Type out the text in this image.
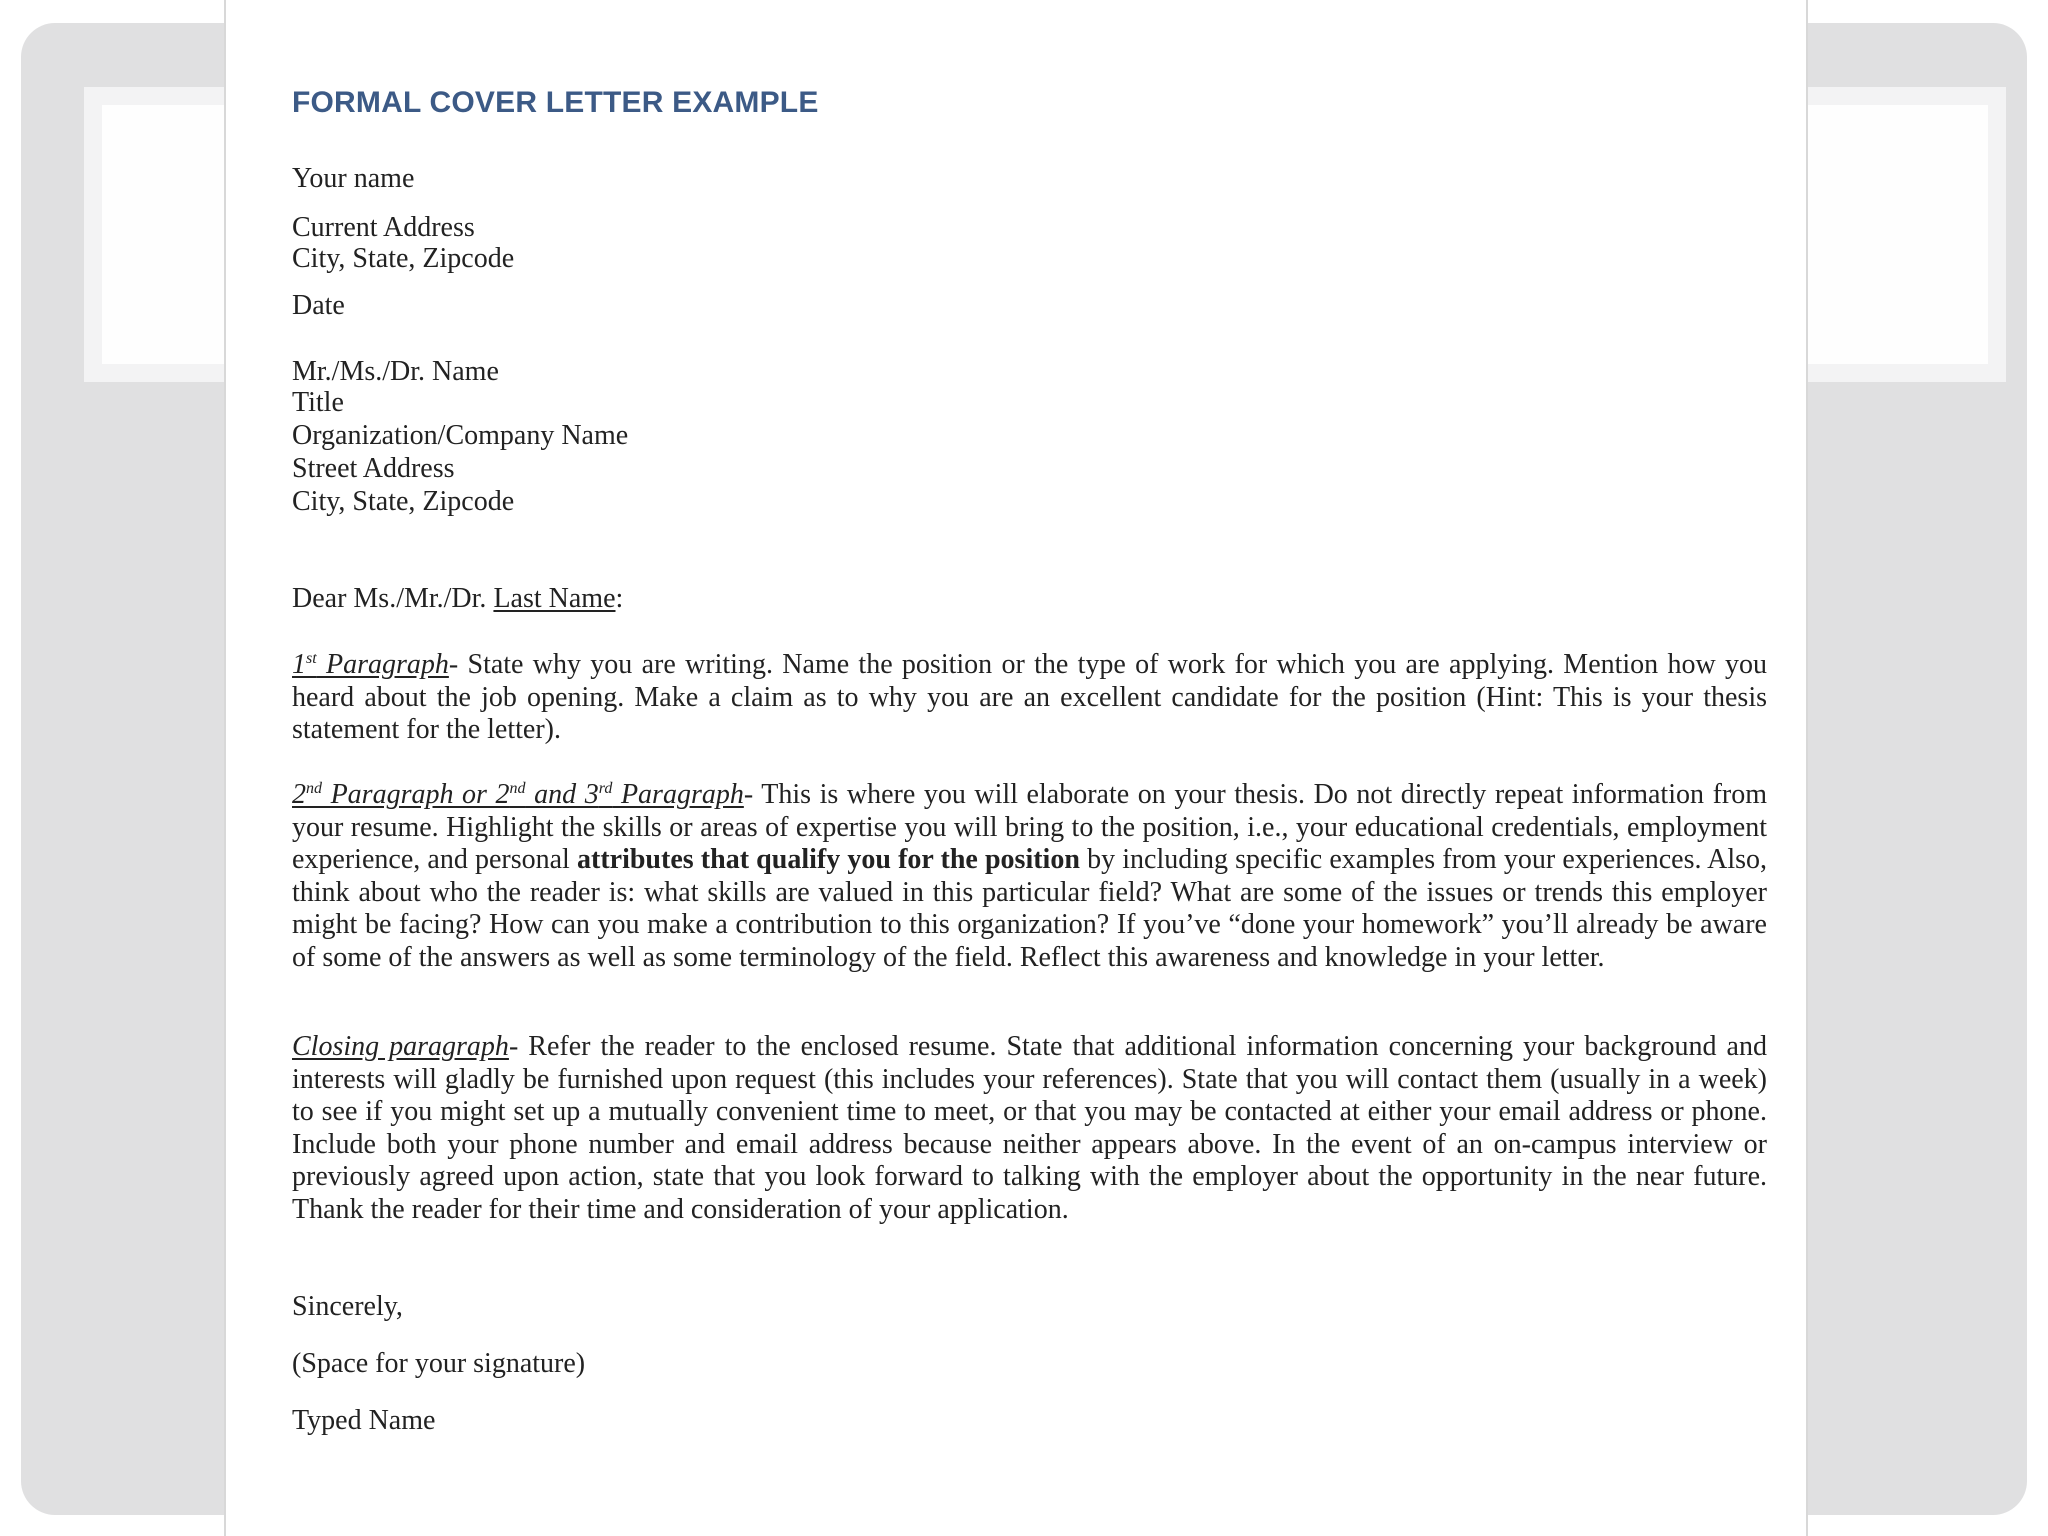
FORMAL COVER LETTER EXAMPLE
Your name
Current Address
City, State, Zipcode
Date
Mr./Ms./Dr. Name
Title
Organization/Company Name
Street Address
City, State, Zipcode
Dear Ms./Mr./Dr. Last Name:
1st Paragraph- State why you are writing. Name the position or the type of work for which you are applying. Mention how you heard about the job opening. Make a claim as to why you are an excellent candidate for the position (Hint: This is your thesis statement for the letter).
2nd Paragraph or 2nd and 3rd Paragraph- This is where you will elaborate on your thesis. Do not directly repeat information from your resume. Highlight the skills or areas of expertise you will bring to the position, i.e., your educational credentials, employment experience, and personal attributes that qualify you for the position by including specific examples from your experiences. Also, think about who the reader is: what skills are valued in this particular field? What are some of the issues or trends this employer might be facing? How can you make a contribution to this organization? If you’ve “done your homework” you’ll already be aware of some of the answers as well as some terminology of the field. Reflect this awareness and knowledge in your letter.
Closing paragraph- Refer the reader to the enclosed resume. State that additional information concerning your background and interests will gladly be furnished upon request (this includes your references). State that you will contact them (usually in a week) to see if you might set up a mutually convenient time to meet, or that you may be contacted at either your email address or phone. Include both your phone number and email address because neither appears above. In the event of an on-campus interview or previously agreed upon action, state that you look forward to talking with the employer about the opportunity in the near future. Thank the reader for their time and consideration of your application.
Sincerely,
(Space for your signature)
Typed Name
